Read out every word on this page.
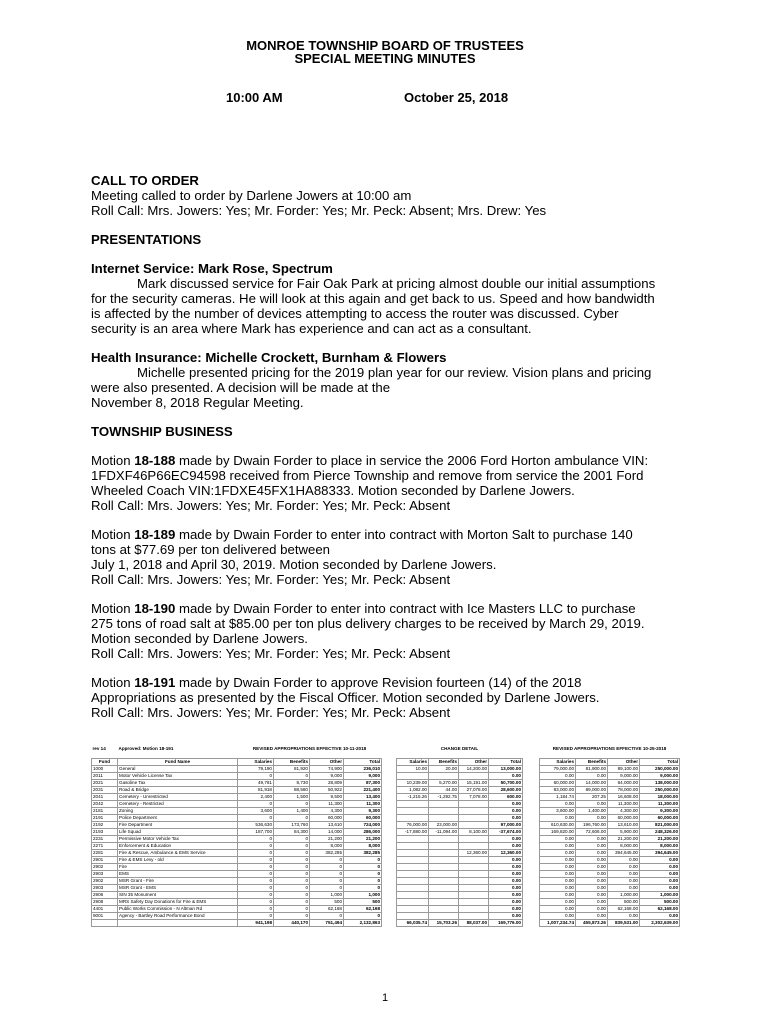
MONROE TOWNSHIP BOARD OF TRUSTEES
SPECIAL MEETING MINUTES
10:00 AM	October 25, 2018

CALL TO ORDER

Meeting called to order by Darlene Jowers at 10:00 am

Roll Call: Mrs. Jowers: Yes; Mr. Forder: Yes; Mr. Peck: Absent; Mrs. Drew: Yes

PRESENTATIONS

Internet Service: Mark Rose, Spectrum

Mark discussed service for Fair Oak Park at pricing almost double our initial assumptions for the security cameras. He will look at this again and get back to us. Speed and how bandwidth is affected by the number of devices attempting to access the router was discussed. Cyber security is an area where Mark has experience and can act as a consultant.

Health Insurance: Michelle Crockett, Burnham & Flowers

Michelle presented pricing for the 2019 plan year for our review. Vision plans and pricing were also presented. A decision will be made at the

November 8, 2018 Regular Meeting.

TOWNSHIP BUSINESS

Motion 18-188 made by Dwain Forder to place in service the 2006 Ford Horton ambulance VIN: 1FDXF46P66EC94598 received from Pierce Township and remove from service the 2001 Ford Wheeled Coach VIN:1FDXE45FX1HA88333. Motion seconded by Darlene Jowers.

Roll Call: Mrs. Jowers: Yes; Mr. Forder: Yes; Mr. Peck: Absent

Motion 18-189 made by Dwain Forder to enter into contract with Morton Salt to purchase 140 tons at $77.69 per ton delivered between

July 1, 2018 and April 30, 2019. Motion seconded by Darlene Jowers.

Roll Call: Mrs. Jowers: Yes; Mr. Forder: Yes; Mr. Peck: Absent

Motion 18-190 made by Dwain Forder to enter into contract with Ice Masters LLC to purchase 275 tons of road salt at $85.00 per ton plus delivery charges to be received by March 29, 2019. Motion seconded by Darlene Jowers.

Roll Call: Mrs. Jowers: Yes; Mr. Forder: Yes; Mr. Peck: Absent

Motion 18-191 made by Dwain Forder to approve Revision fourteen (14) of the 2018 Appropriations as presented by the Fiscal Officer. Motion seconded by Darlene Jowers.

Roll Call: Mrs. Jowers: Yes; Mr. Forder: Yes; Mr. Peck: Absent

rev 14	Approved: Motion 18-191	REVISED APPROPRIATIONS EFFECTIVE 10-11-2018			

Fund	Fund Name	Salaries	Benefits	Other	Total
1000	General	79,190	81,920	74,900	236,010
2011	Motor Vehicle License Tax	0	0	9,000	9,000
2021	Gasoline Tax	49,761	8,730	28,809	87,300
2031	Road & Bridge	81,918	88,560	50,922	221,400
2041	Cemetery - Unrestricted	2,400	1,500	9,500	13,400
2042	Cemetery - Restricted	0	0	11,300	11,300
2181	Zoning	3,600	1,400	4,300	9,300
2191	Police Department	0	0	60,000	60,000
2192	Fire Department	536,630	173,760	13,610	724,000
2193	Life Squad	187,700	84,300	14,000	286,000
2231	Permissive Motor Vehicle Tax	0	0	21,200	21,200
2271	Enforcement & Education	0	0	8,000	8,000
2281	Fire & Rescue, Ambulance & EMS Service	0	0	382,285	382,285
2901	Fire & EMS Levy - old	0	0	0	0
2902	Fire	0	0	0	0
2903	EMS	0	0	0	0
2902	MSR Grant - Fire	0	0	0	0
2903	MSR Grant - EMS	0	0	0	0
2906	SIN 35 Monument	0	0	1,000	1,000
2908	MRS Safety Day Donations for Fire & EMS	0	0	500	500
4401	Public Works Commission - N Altman Rd	0	0	62,168	62,168
9001	Agency - Bartley Road Performance Bond	0	0	0	0
		941,198	440,170	751,494	2,132,863
CHANGE DETAIL			

Salaries	Benefits	Other	Total
10.00	20.00	14,200.00	13,000.00
			0.00
10,239.00	5,270.00	15,191.00	50,700.00
1,082.00	44.00	27,078.00	28,600.00
-1,215.26	-1,292.75	7,078.00	600.00
			0.00
			0.00
			0.00
76,000.00	23,000.00		97,000.00
-17,880.00	-11,094.00	8,100.00	-37,674.00
			0.00
			0.00
		12,360.00	12,360.00
			0.00
			0.00
			0.00
			0.00
			0.00
			0.00
			0.00
			0.00
			0.00
66,035.74	15,703.26	88,037.00	169,776.00
REVISED APPROPRIATIONS EFFECTIVE 10-25-2018			

Salaries	Benefits	Other	Total
79,000.00	81,900.00	89,100.00	250,000.00
0.00	0.00	9,000.00	9,000.00
60,000.00	14,000.00	64,000.00	138,000.00
83,000.00	89,000.00	78,000.00	250,000.00
1,184.74	207.25	16,608.00	18,000.00
0.00	0.00	11,300.00	11,300.00
3,600.00	1,400.00	4,300.00	9,300.00
0.00	0.00	60,000.00	60,000.00
610,630.00	196,760.00	13,610.00	821,000.00
169,820.00	72,606.00	5,900.00	248,326.00
0.00	0.00	21,200.00	21,200.00
0.00	0.00	8,000.00	8,000.00
0.00	0.00	394,645.00	394,645.00
0.00	0.00	0.00	0.00
0.00	0.00	0.00	0.00
0.00	0.00	0.00	0.00
0.00	0.00	0.00	0.00
0.00	0.00	0.00	0.00
0.00	0.00	1,000.00	1,000.00
0.00	0.00	500.00	500.00
0.00	0.00	62,168.00	62,168.00
0.00	0.00	0.00	0.00
1,007,234.74	455,873.26	839,531.00	2,302,639.00
1
